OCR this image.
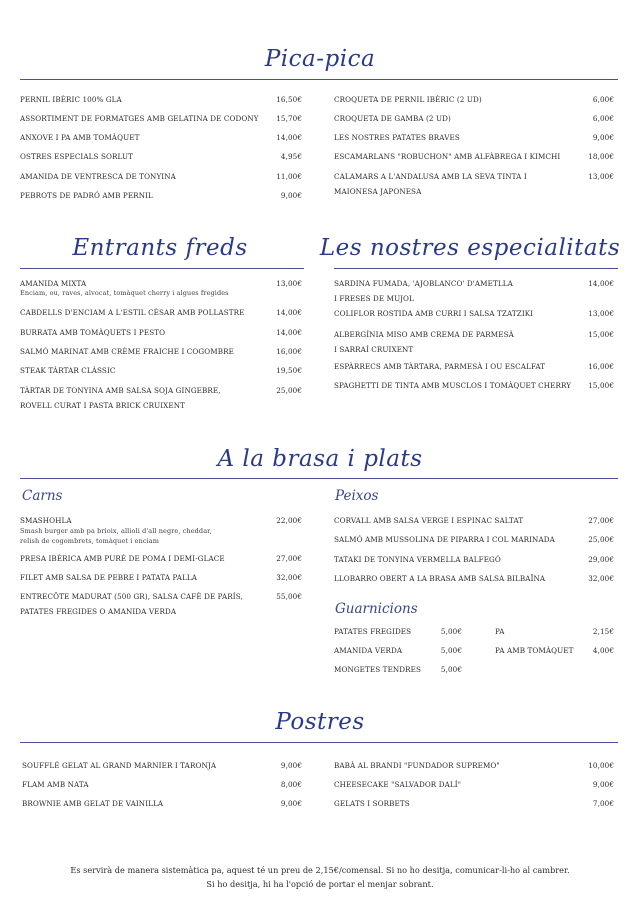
Pica-pica
PERNIL IBÈRIC 100% GLA	16,50€
ASSORTIMENT DE FORMATGES AMB GELATINA DE CODONY 15,70€
ANXOVE I PA AMB TOMÀQUET	14,00€
OSTRES ESPECIALS SORLUT	4,95€
AMANIDA DE VENTRESCA DE TONYINA	11,00€
PEBROTS DE PADRÓ AMB PERNIL	9,00€
CROQUETA DE PERNIL IBÈRIC (2 UD)	6,00€
CROQUETA DE GAMBA (2 UD)	6,00€
LES NOSTRES PATATES BRAVES	9,00€
ESCAMARLANS "ROBUCHON" AMB ALFÀBREGA I KIMCHI	18,00€
CALAMARS A L'ANDALUSA AMB LA SEVA TINTA I
MAIONESA JAPONESA
13,00€
Entrants freds	Les nostres especialitats
AMANIDA MIXTA
Enciam, ou, raves, alvocat, tomàquet cherry i algues fregides
13,00€
CABDELLS D'ENCIAM A L'ESTIL CÈSAR AMB POLLASTRE	14,00€
BURRATA AMB TOMÀQUETS I PESTO	14,00€
SALMÓ MARINAT AMB CRÈME FRAICHE I COGOMBRE	16,00€
STEAK TÀRTAR CLÀSSIC	19,50€
TÀRTAR DE TONYINA AMB SALSA SOJA GINGEBRE,
ROVELL CURAT I PASTA BRICK CRUIXENT
25,00€
SARDINA FUMADA, 'AJOBLANCO' D'AMETLLA
I FRESES DE MUJOL
14,00€
COLIFLOR ROSTIDA AMB CURRI I SALSA TZATZIKI	13,00€
ALBERGÍNIA MISO AMB CREMA DE PARMESÀ
I SARRAÍ CRUIXENT
15,00€
ESPÀRRECS AMB TÀRTARA, PARMESÀ I OU ESCALFAT	16,00€
SPAGHETTI DE TINTA AMB MUSCLOS I TOMÀQUET CHERRY 15,00€
A la brasa i plats
Carns	Peixos
SMASHOHLA
Smash burger amb pa brioix, allioli d'all negre, cheddar,
relish de cogombrets, tomàquet i enciam
22,00€
PRESA IBÈRICA AMB PURÉ DE POMA I DEMI-GLACE	27,00€
FILET AMB SALSA DE PEBRE I PATATA PALLA	32,00€
ENTRECÔTE MADURAT (500 GR), SALSA CAFÈ DE PARÍS,
PATATES FREGIDES O AMANIDA VERDA
55,00€
CORVALL AMB SALSA VERGE I ESPINAC SALTAT	27,00€
SALMÓ AMB MUSSOLINA DE PIPARRA I COL MARINADA	25,00€
TATAKI DE TONYINA VERMELLA BALFEGÓ	29,00€
LLOBARRO OBERT A LA BRASA AMB SALSA BILBAÏNA	32,00€
Guarnicions
PATATES FREGIDES	5,00€
AMANIDA VERDA	5,00€
MONGETES TENDRES	5,00€
PA	2,15€
PA AMB TOMÀQUET	4,00€
Postres
SOUFFLÉ GELAT AL GRAND MARNIER I TARONJA	9,00€
FLAM AMB NATA	8,00€
BROWNIE AMB GELAT DE VAINILLA	9,00€
BABÀ AL BRANDI "FUNDADOR SUPREMO"	10,00€
CHEESECAKE "SALVADOR DALÍ"	9,00€
GELATS I SORBETS	7,00€
Es servirà de manera sistemàtica pa, aquest té un preu de 2,15€/comensal. Si no ho desitja, comunicar-li-ho al cambrer.
Si ho desitja, hi ha l'opció de portar el menjar sobrant.
